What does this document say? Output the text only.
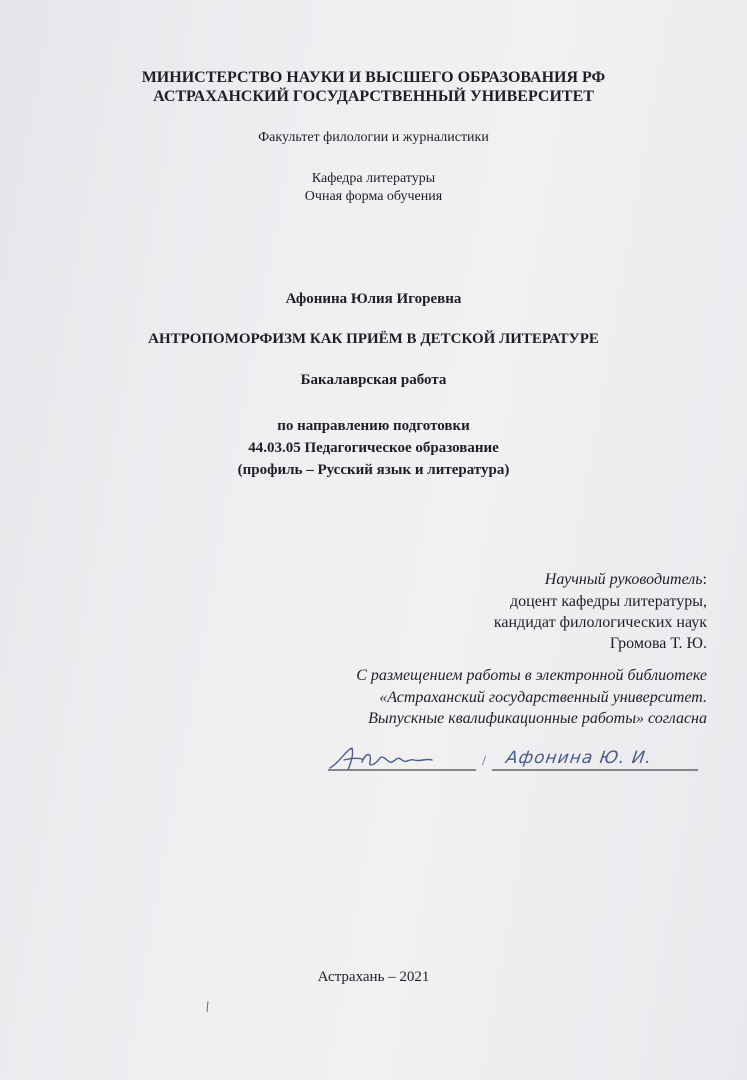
МИНИСТЕРСТВО НАУКИ И ВЫСШЕГО ОБРАЗОВАНИЯ РФ
АСТРАХАНСКИЙ ГОСУДАРСТВЕННЫЙ УНИВЕРСИТЕТ
Факультет филологии и журналистики
Кафедра литературы
Очная форма обучения
Афонина Юлия Игоревна
АНТРОПОМОРФИЗМ КАК ПРИЁМ В ДЕТСКОЙ ЛИТЕРАТУРЕ
Бакалаврская работа
по направлению подготовки
44.03.05 Педагогическое образование
(профиль – Русский язык и литература)
Научный руководитель:
доцент кафедры литературы,
кандидат филологических наук
Громова Т. Ю.
С размещением работы в электронной библиотеке
«Астраханский государственный университет.
Выпускные квалификационные работы» согласна
/ Афонина Ю. И.
Астрахань – 2021
